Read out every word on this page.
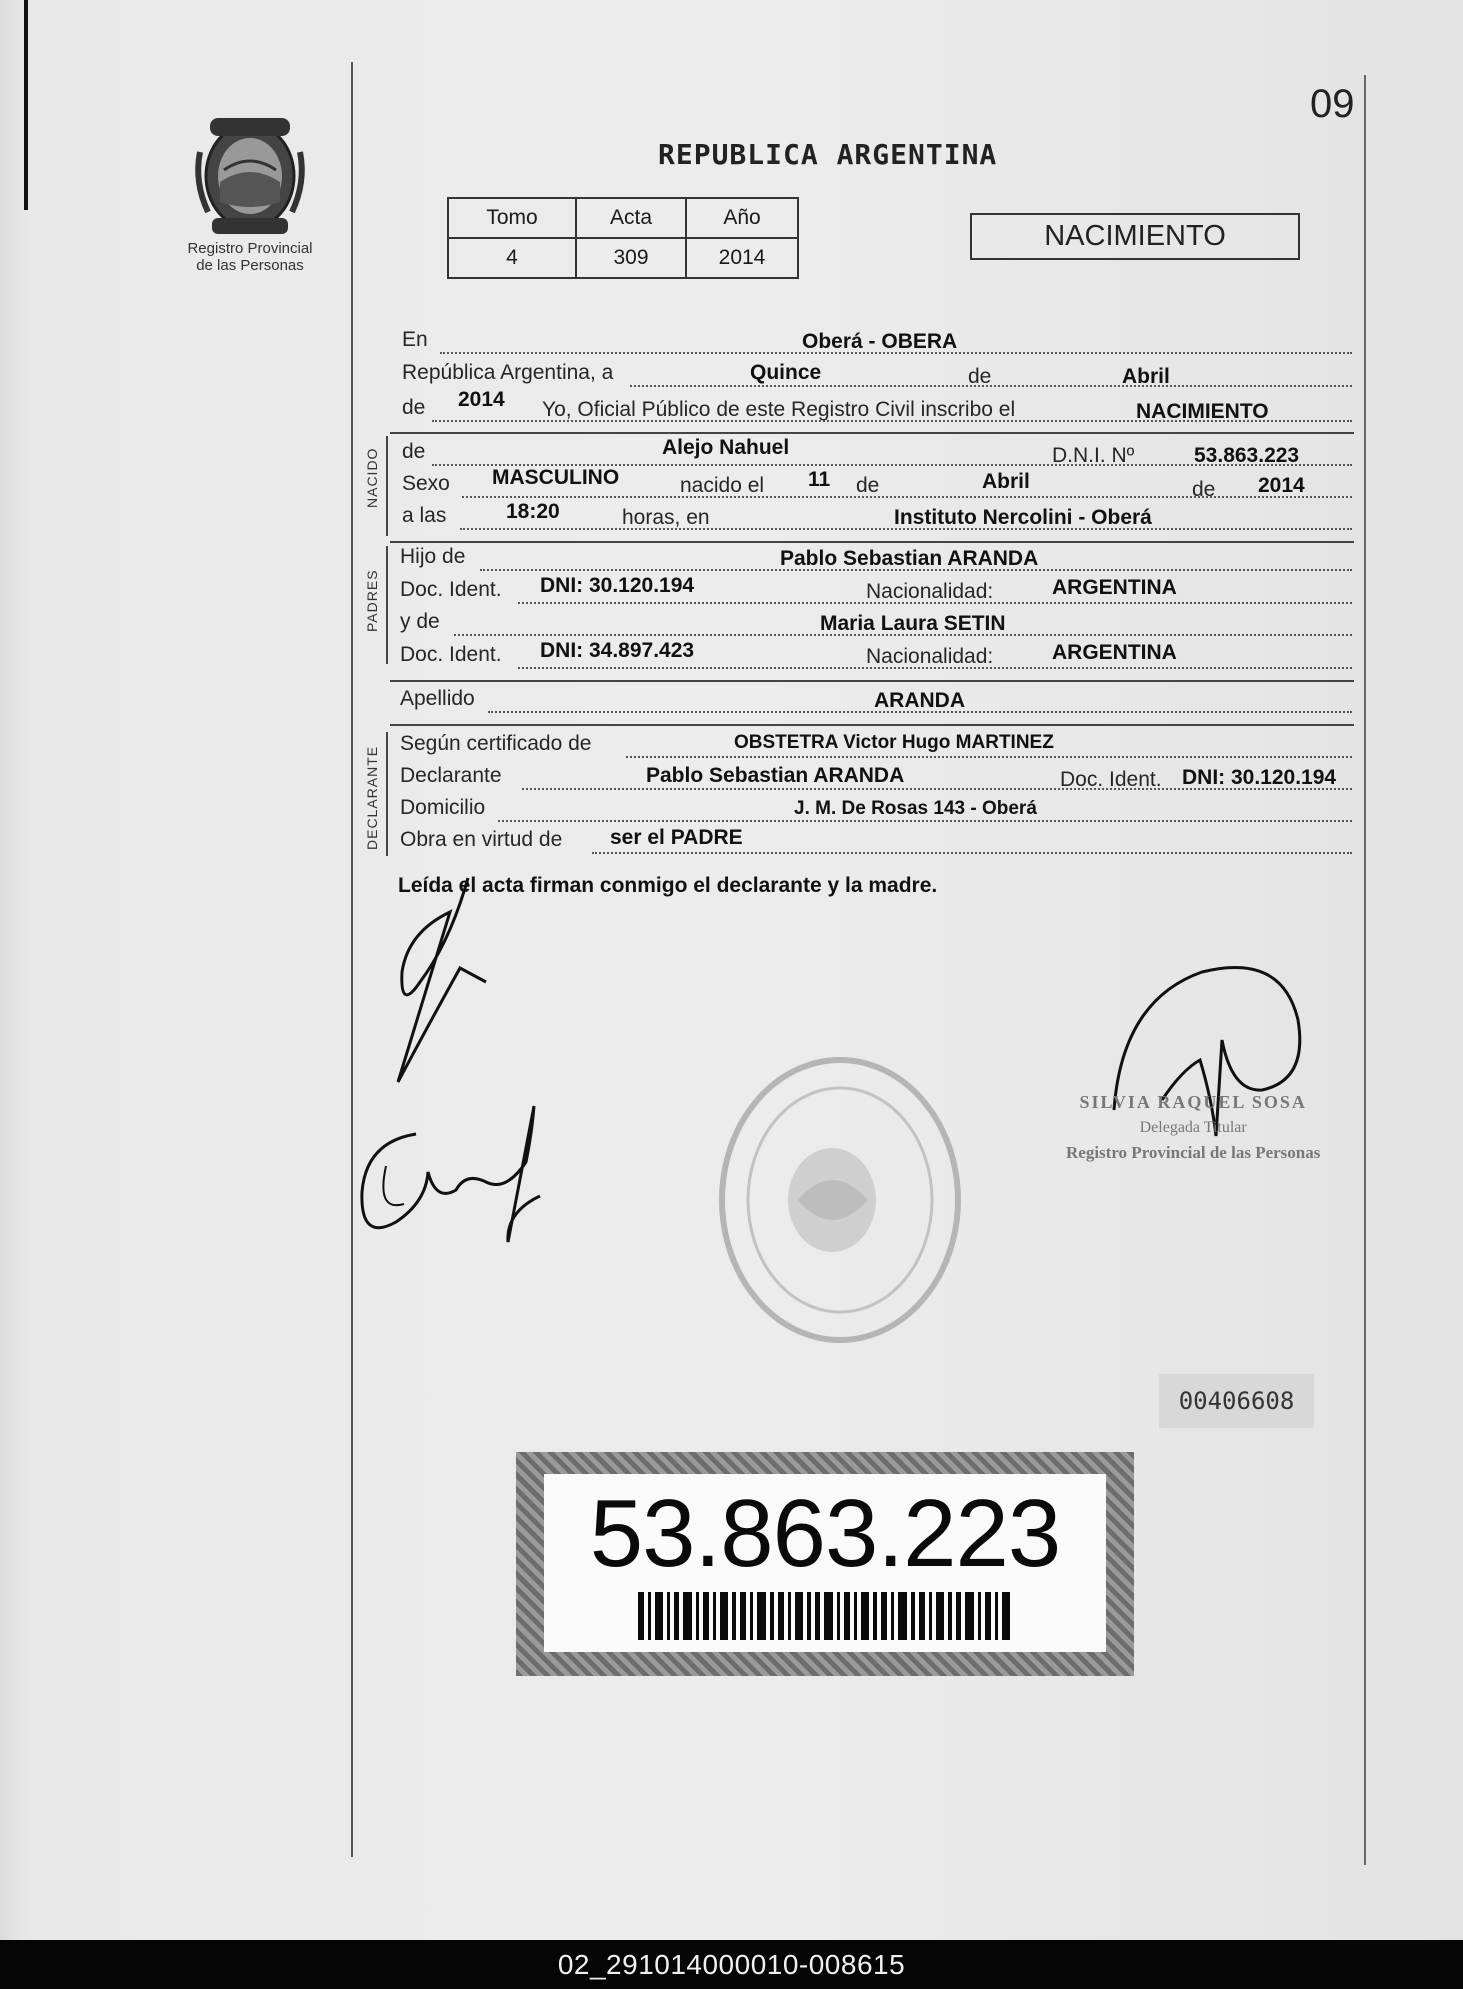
09
Registro Provincial
de las Personas
REPUBLICA ARGENTINA
Tomo	Acta	Año
4	309	2014
NACIMIENTO
En	Oberá - OBERA
República Argentina, a	Quince	de	Abril
de 2014 Yo, Oficial Público de este Registro Civil inscribo el	NACIMIENTO
NACIDO de	Alejo Nahuel	D.N.I. Nº	53.863.223
Sexo MASCULINO	nacido el 11 de	Abril	de 2014
a las	18:20	horas, en	Instituto Nercolini - Oberá
PADRES
Hijo de	Pablo Sebastian ARANDA
Doc. Ident. DNI: 30.120.194	Nacionalidad:	ARGENTINA
y de	Maria Laura SETIN
Doc. Ident. DNI: 34.897.423	Nacionalidad:	ARGENTINA
Apellido	ARANDA
DECLARANTE
Según certificado de	OBSTETRA Victor Hugo MARTINEZ
Declarante	Pablo Sebastian ARANDA	Doc. Ident. DNI: 30.120.194
Domicilio	J. M. De Rosas 143 - Oberá
Obra en virtud de ser el PADRE
Leída el acta firman conmigo el declarante y la madre.
SILVIA RAQUEL SOSA
Delegada Titular
Registro Provincial de las Personas
00406608
53.863.223
02_291014000010-008615
